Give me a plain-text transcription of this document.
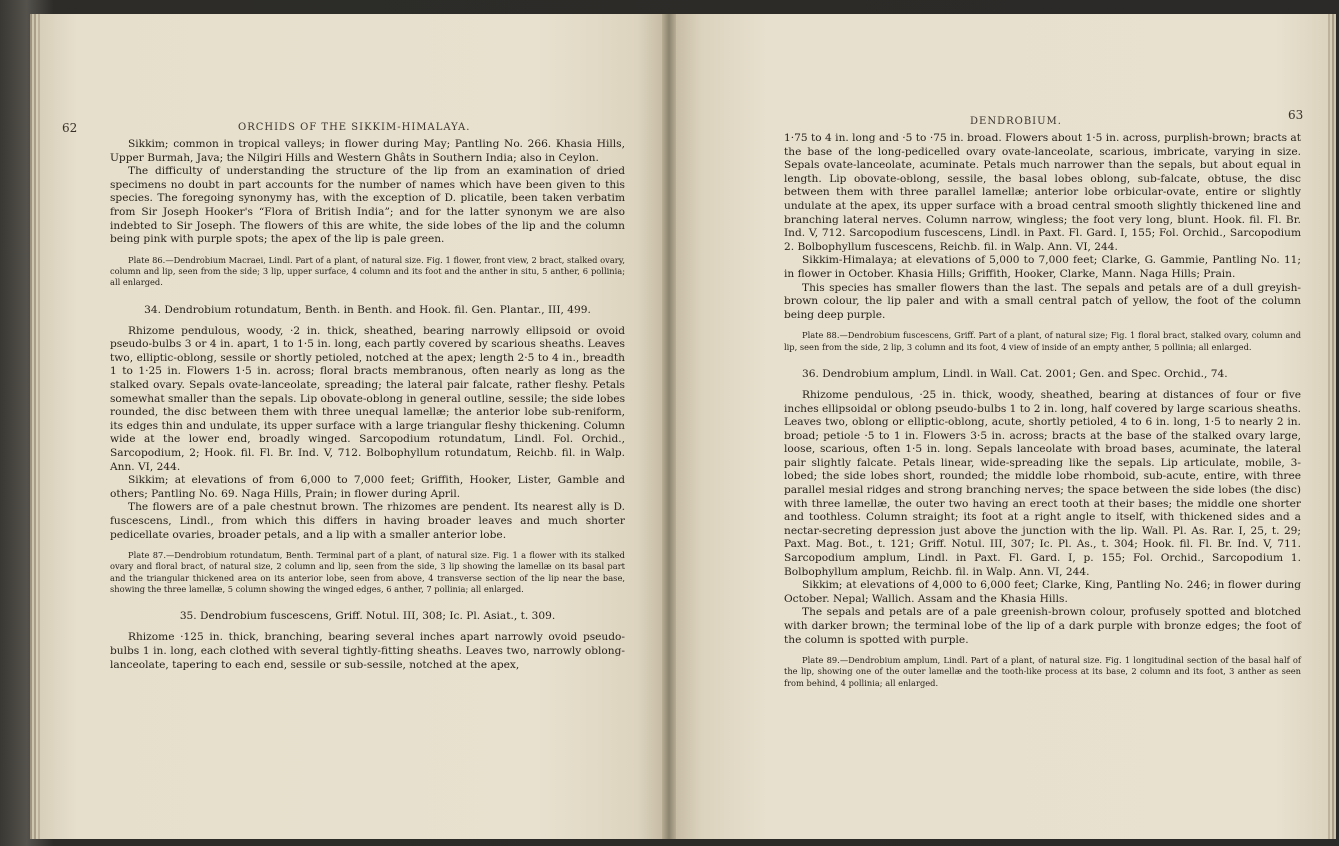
62	ORCHIDS OF THE SIKKIM-HIMALAYA.

Sikkim; common in tropical valleys; in flower during May; Pantling No. 266. Khasia Hills, Upper Burmah, Java; the Nilgiri Hills and Western Ghâts in Southern India; also in Ceylon.

The difficulty of understanding the structure of the lip from an examination of dried specimens no doubt in part accounts for the number of names which have been given to this species. The foregoing synonymy has, with the exception of D. plicatile, been taken verbatim from Sir Joseph Hooker's “Flora of British India”; and for the latter synonym we are also indebted to Sir Joseph. The flowers of this are white, the side lobes of the lip and the column being pink with purple spots; the apex of the lip is pale green.

Plate 86.—Dendrobium Macraei, Lindl. Part of a plant, of natural size. Fig. 1 flower, front view, 2 bract, stalked ovary, column and lip, seen from the side; 3 lip, upper surface, 4 column and its foot and the anther in situ, 5 anther, 6 pollinia; all enlarged.

34. Dendrobium rotundatum, Benth. in Benth. and Hook. fil. Gen. Plantar., III, 499.

Rhizome pendulous, woody, ·2 in. thick, sheathed, bearing narrowly ellipsoid or ovoid pseudo-bulbs 3 or 4 in. apart, 1 to 1·5 in. long, each partly covered by scarious sheaths. Leaves two, elliptic-oblong, sessile or shortly petioled, notched at the apex; length 2·5 to 4 in., breadth 1 to 1·25 in. Flowers 1·5 in. across; floral bracts membranous, often nearly as long as the stalked ovary. Sepals ovate-lanceolate, spreading; the lateral pair falcate, rather fleshy. Petals somewhat smaller than the sepals. Lip obovate-oblong in general outline, sessile; the side lobes rounded, the disc between them with three unequal lamellæ; the anterior lobe sub-reniform, its edges thin and undulate, its upper surface with a large triangular fleshy thickening. Column wide at the lower end, broadly winged. Sarcopodium rotundatum, Lindl. Fol. Orchid., Sarcopodium, 2; Hook. fil. Fl. Br. Ind. V, 712. Bolbophyllum rotundatum, Reichb. fil. in Walp. Ann. VI, 244.

Sikkim; at elevations of from 6,000 to 7,000 feet; Griffith, Hooker, Lister, Gamble and others; Pantling No. 69. Naga Hills, Prain; in flower during April.

The flowers are of a pale chestnut brown. The rhizomes are pendent. Its nearest ally is D. fuscescens, Lindl., from which this differs in having broader leaves and much shorter pedicellate ovaries, broader petals, and a lip with a smaller anterior lobe.

Plate 87.—Dendrobium rotundatum, Benth. Terminal part of a plant, of natural size. Fig. 1 a flower with its stalked ovary and floral bract, of natural size, 2 column and lip, seen from the side, 3 lip showing the lamellæ on its basal part and the triangular thickened area on its anterior lobe, seen from above, 4 transverse section of the lip near the base, showing the three lamellæ, 5 column showing the winged edges, 6 anther, 7 pollinia; all enlarged.

35. Dendrobium fuscescens, Griff. Notul. III, 308; Ic. Pl. Asiat., t. 309.

Rhizome ·125 in. thick, branching, bearing several inches apart narrowly ovoid pseudo-bulbs 1 in. long, each clothed with several tightly-fitting sheaths. Leaves two, narrowly oblong-lanceolate, tapering to each end, sessile or sub-sessile, notched at the apex,

DENDROBIUM.	63

1·75 to 4 in. long and ·5 to ·75 in. broad. Flowers about 1·5 in. across, purplish-brown; bracts at the base of the long-pedicelled ovary ovate-lanceolate, scarious, imbricate, varying in size. Sepals ovate-lanceolate, acuminate. Petals much narrower than the sepals, but about equal in length. Lip obovate-oblong, sessile, the basal lobes oblong, sub-falcate, obtuse, the disc between them with three parallel lamellæ; anterior lobe orbicular-ovate, entire or slightly undulate at the apex, its upper surface with a broad central smooth slightly thickened line and branching lateral nerves. Column narrow, wingless; the foot very long, blunt. Hook. fil. Fl. Br. Ind. V, 712. Sarcopodium fuscescens, Lindl. in Paxt. Fl. Gard. I, 155; Fol. Orchid., Sarcopodium 2. Bolbophyllum fuscescens, Reichb. fil. in Walp. Ann. VI, 244.

Sikkim-Himalaya; at elevations of 5,000 to 7,000 feet; Clarke, G. Gammie, Pantling No. 11; in flower in October. Khasia Hills; Griffith, Hooker, Clarke, Mann. Naga Hills; Prain.

This species has smaller flowers than the last. The sepals and petals are of a dull greyish-brown colour, the lip paler and with a small central patch of yellow, the foot of the column being deep purple.

Plate 88.—Dendrobium fuscescens, Griff. Part of a plant, of natural size; Fig. 1 floral bract, stalked ovary, column and lip, seen from the side, 2 lip, 3 column and its foot, 4 view of inside of an empty anther, 5 pollinia; all enlarged.

36. Dendrobium amplum, Lindl. in Wall. Cat. 2001; Gen. and Spec. Orchid., 74.

Rhizome pendulous, ·25 in. thick, woody, sheathed, bearing at distances of four or five inches ellipsoidal or oblong pseudo-bulbs 1 to 2 in. long, half covered by large scarious sheaths. Leaves two, oblong or elliptic-oblong, acute, shortly petioled, 4 to 6 in. long, 1·5 to nearly 2 in. broad; petiole ·5 to 1 in. Flowers 3·5 in. across; bracts at the base of the stalked ovary large, loose, scarious, often 1·5 in. long. Sepals lanceolate with broad bases, acuminate, the lateral pair slightly falcate. Petals linear, wide-spreading like the sepals. Lip articulate, mobile, 3-lobed; the side lobes short, rounded; the middle lobe rhomboid, sub-acute, entire, with three parallel mesial ridges and strong branching nerves; the space between the side lobes (the disc) with three lamellæ, the outer two having an erect tooth at their bases; the middle one shorter and toothless. Column straight; its foot at a right angle to itself, with thickened sides and a nectar-secreting depression just above the junction with the lip. Wall. Pl. As. Rar. I, 25, t. 29; Paxt. Mag. Bot., t. 121; Griff. Notul. III, 307; Ic. Pl. As., t. 304; Hook. fil. Fl. Br. Ind. V, 711. Sarcopodium amplum, Lindl. in Paxt. Fl. Gard. I, p. 155; Fol. Orchid., Sarcopodium 1. Bolbophyllum amplum, Reichb. fil. in Walp. Ann. VI, 244.

Sikkim; at elevations of 4,000 to 6,000 feet; Clarke, King, Pantling No. 246; in flower during October. Nepal; Wallich. Assam and the Khasia Hills.

The sepals and petals are of a pale greenish-brown colour, profusely spotted and blotched with darker brown; the terminal lobe of the lip of a dark purple with bronze edges; the foot of the column is spotted with purple.

Plate 89.—Dendrobium amplum, Lindl. Part of a plant, of natural size. Fig. 1 longitudinal section of the basal half of the lip, showing one of the outer lamellæ and the tooth-like process at its base, 2 column and its foot, 3 anther as seen from behind, 4 pollinia; all enlarged.
